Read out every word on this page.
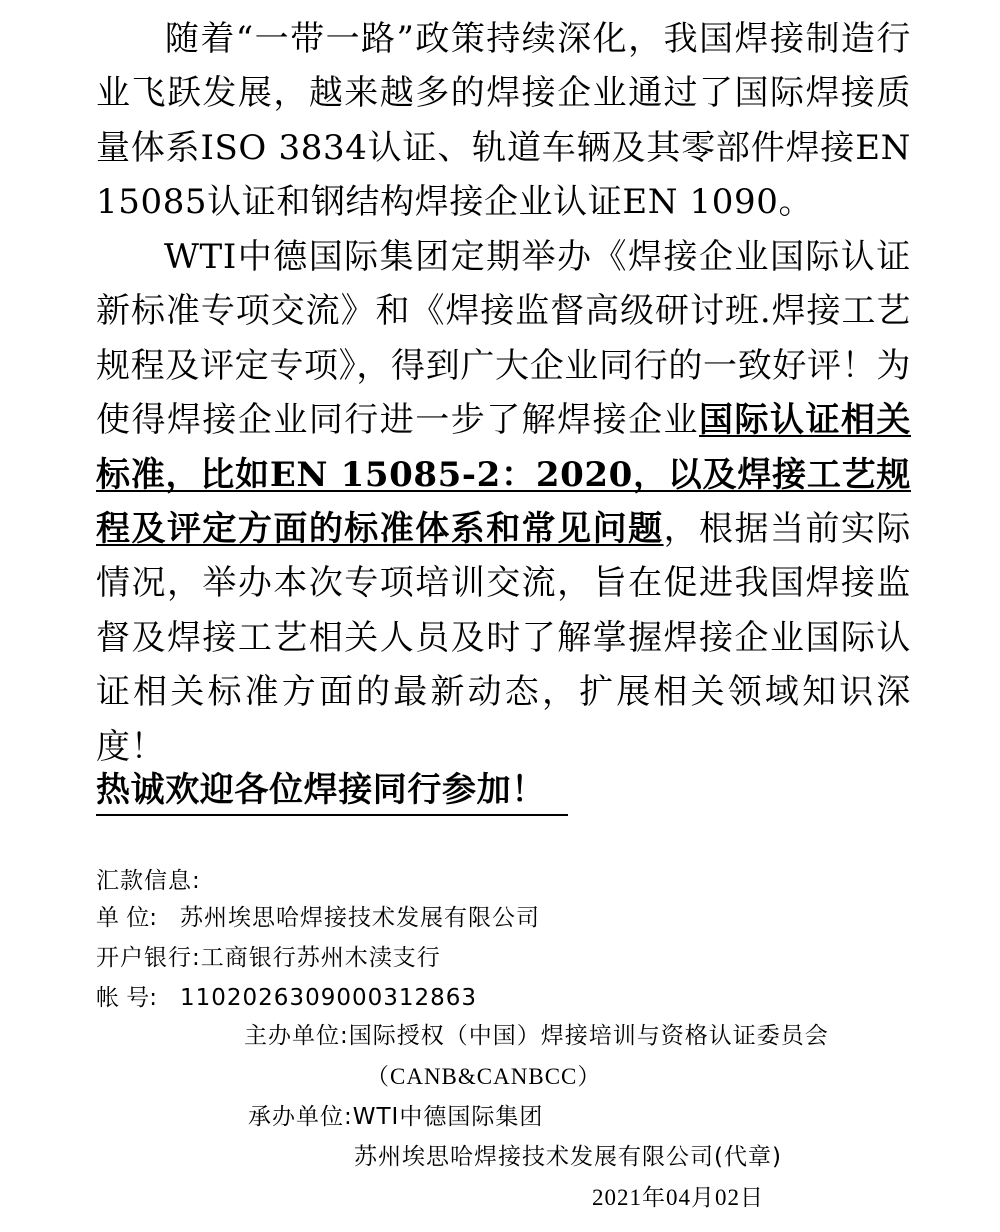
随着“一带一路”政策持续深化，我国焊接制造行业飞跃发展，越来越多的焊接企业通过了国际焊接质量体系ISO 3834认证、轨道车辆及其零部件焊接EN 15085认证和钢结构焊接企业认证EN 1090。

WTI中德国际集团定期举办《焊接企业国际认证新标准专项交流》和《焊接监督高级研讨班.焊接工艺规程及评定专项》，得到广大企业同行的一致好评！为使得焊接企业同行进一步了解焊接企业国际认证相关标准，比如EN 15085-2：2020，以及焊接工艺规程及评定方面的标准体系和常见问题，根据当前实际情况，举办本次专项培训交流，旨在促进我国焊接监督及焊接工艺相关人员及时了解掌握焊接企业国际认证相关标准方面的最新动态，扩展相关领域知识深度！

热诚欢迎各位焊接同行参加！
汇款信息:
单 位: 苏州埃思哈焊接技术发展有限公司
开户银行:工商银行苏州木渎支行
帐 号: 1102026309000312863
主办单位:国际授权（中国）焊接培训与资格认证委员会
（CANB&CANBCC）
承办单位:WTI中德国际集团
苏州埃思哈焊接技术发展有限公司(代章)
2021年04月02日
